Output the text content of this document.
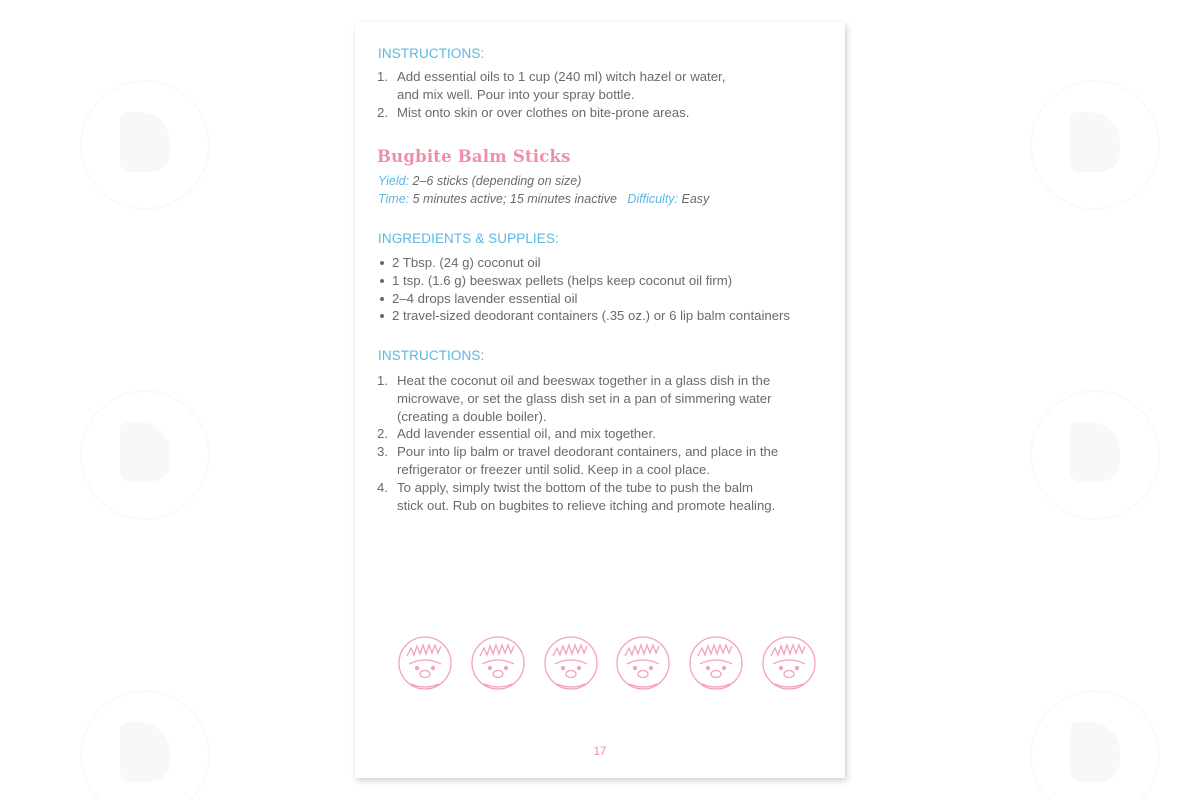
INSTRUCTIONS:
1. Add essential oils to 1 cup (240 ml) witch hazel or water,
and mix well. Pour into your spray bottle.
2. Mist onto skin or over clothes on bite-prone areas.
Bugbite Balm Sticks
Yield: 2–6 sticks (depending on size)
Time: 5 minutes active; 15 minutes inactive Difficulty: Easy
INGREDIENTS & SUPPLIES:
2 Tbsp. (24 g) coconut oil
1 tsp. (1.6 g) beeswax pellets (helps keep coconut oil firm)
2–4 drops lavender essential oil
2 travel-sized deodorant containers (.35 oz.) or 6 lip balm containers
INSTRUCTIONS:
1. Heat the coconut oil and beeswax together in a glass dish in the
microwave, or set the glass dish set in a pan of simmering water
(creating a double boiler).
2. Add lavender essential oil, and mix together.
3. Pour into lip balm or travel deodorant containers, and place in the
refrigerator or freezer until solid. Keep in a cool place.
4. To apply, simply twist the bottom of the tube to push the balm
stick out. Rub on bugbites to relieve itching and promote healing.
17
